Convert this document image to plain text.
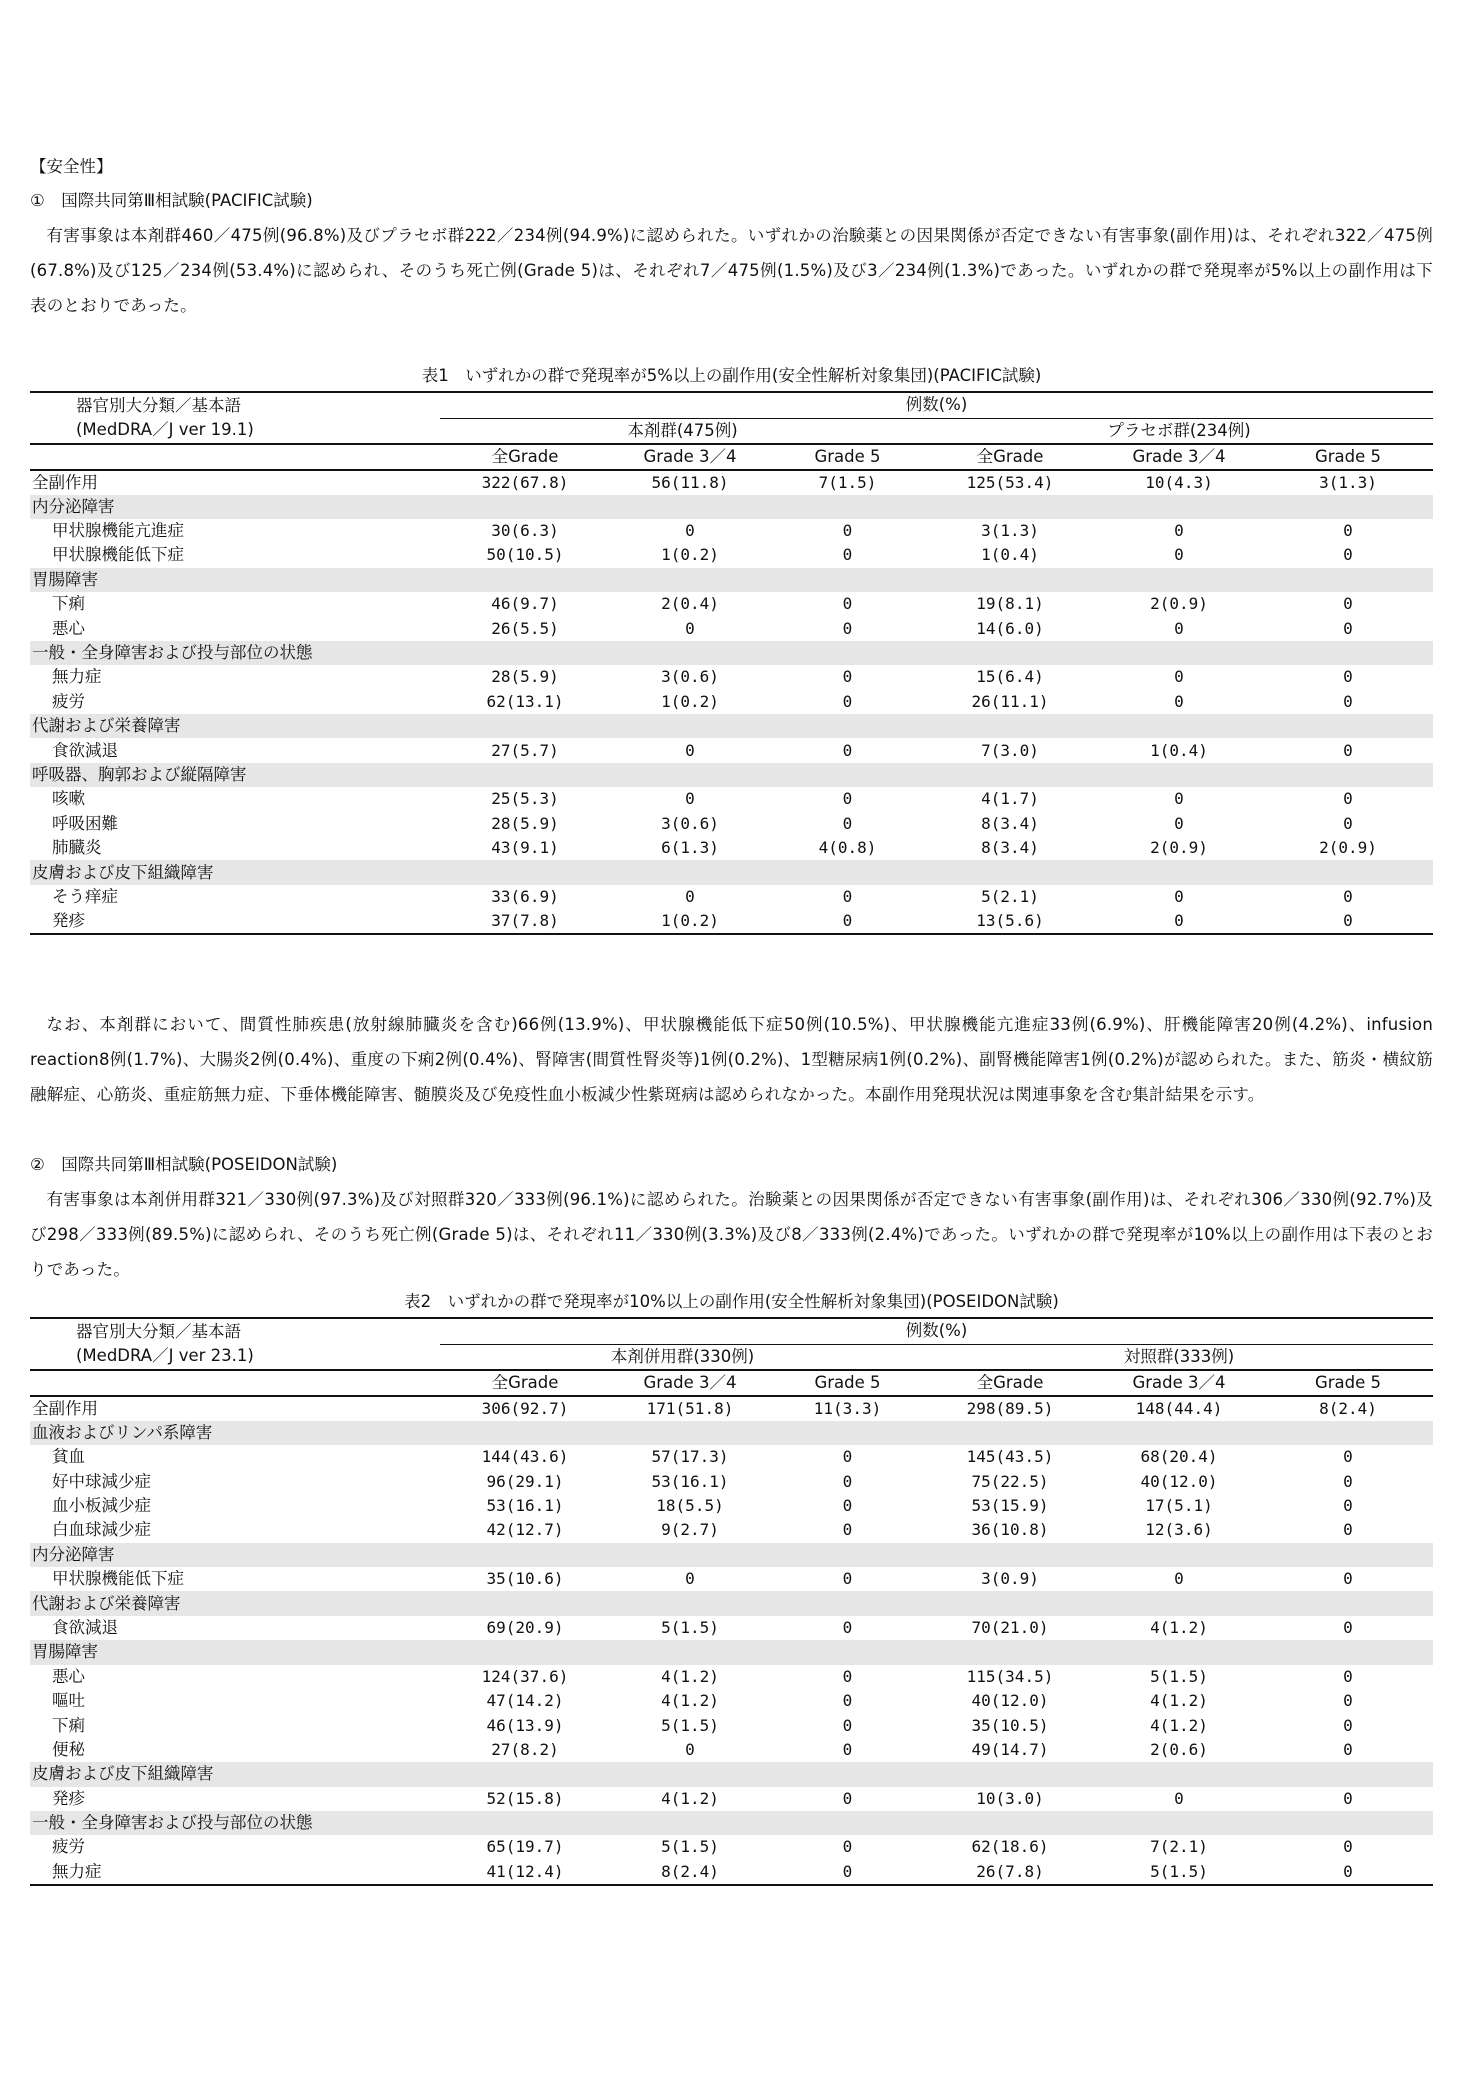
【安全性】
①　国際共同第Ⅲ相試験(PACIFIC試験)
有害事象は本剤群460／475例(96.8%)及びプラセボ群222／234例(94.9%)に認められた。いずれかの治験薬との因果関係が否定できない有害事象(副作用)は、それぞれ322／475例(67.8%)及び125／234例(53.4%)に認められ、そのうち死亡例(Grade 5)は、それぞれ7／475例(1.5%)及び3／234例(1.3%)であった。いずれかの群で発現率が5%以上の副作用は下表のとおりであった。
表1　いずれかの群で発現率が5%以上の副作用(安全性解析対象集団)(PACIFIC試験)
器官別大分類／基本語	例数(%)					
(MedDRA／J ver 19.1)	本剤群(475例)			プラセボ群(234例)		
	全Grade	Grade 3／4	Grade 5	全Grade	Grade 3／4	Grade 5
全副作用	322(67.8)	56(11.8)	7(1.5)	125(53.4)	10(4.3)	3(1.3)
内分泌障害						
甲状腺機能亢進症	30(6.3)	0	0	3(1.3)	0	0
甲状腺機能低下症	50(10.5)	1(0.2)	0	1(0.4)	0	0
胃腸障害						
下痢	46(9.7)	2(0.4)	0	19(8.1)	2(0.9)	0
悪心	26(5.5)	0	0	14(6.0)	0	0
一般・全身障害および投与部位の状態						
無力症	28(5.9)	3(0.6)	0	15(6.4)	0	0
疲労	62(13.1)	1(0.2)	0	26(11.1)	0	0
代謝および栄養障害						
食欲減退	27(5.7)	0	0	7(3.0)	1(0.4)	0
呼吸器、胸郭および縦隔障害						
咳嗽	25(5.3)	0	0	4(1.7)	0	0
呼吸困難	28(5.9)	3(0.6)	0	8(3.4)	0	0
肺臓炎	43(9.1)	6(1.3)	4(0.8)	8(3.4)	2(0.9)	2(0.9)
皮膚および皮下組織障害						
そう痒症	33(6.9)	0	0	5(2.1)	0	0
発疹	37(7.8)	1(0.2)	0	13(5.6)	0	0
なお、本剤群において、間質性肺疾患(放射線肺臓炎を含む)66例(13.9%)、甲状腺機能低下症50例(10.5%)、甲状腺機能亢進症33例(6.9%)、肝機能障害20例(4.2%)、infusion reaction8例(1.7%)、大腸炎2例(0.4%)、重度の下痢2例(0.4%)、腎障害(間質性腎炎等)1例(0.2%)、1型糖尿病1例(0.2%)、副腎機能障害1例(0.2%)が認められた。また、筋炎・横紋筋融解症、心筋炎、重症筋無力症、下垂体機能障害、髄膜炎及び免疫性血小板減少性紫斑病は認められなかった。本副作用発現状況は関連事象を含む集計結果を示す。
②　国際共同第Ⅲ相試験(POSEIDON試験)
有害事象は本剤併用群321／330例(97.3%)及び対照群320／333例(96.1%)に認められた。治験薬との因果関係が否定できない有害事象(副作用)は、それぞれ306／330例(92.7%)及び298／333例(89.5%)に認められ、そのうち死亡例(Grade 5)は、それぞれ11／330例(3.3%)及び8／333例(2.4%)であった。いずれかの群で発現率が10%以上の副作用は下表のとおりであった。
表2　いずれかの群で発現率が10%以上の副作用(安全性解析対象集団)(POSEIDON試験)
器官別大分類／基本語	例数(%)					
(MedDRA／J ver 23.1)	本剤併用群(330例)			対照群(333例)		
	全Grade	Grade 3／4	Grade 5	全Grade	Grade 3／4	Grade 5
全副作用	306(92.7)	171(51.8)	11(3.3)	298(89.5)	148(44.4)	8(2.4)
血液およびリンパ系障害						
貧血	144(43.6)	57(17.3)	0	145(43.5)	68(20.4)	0
好中球減少症	96(29.1)	53(16.1)	0	75(22.5)	40(12.0)	0
血小板減少症	53(16.1)	18(5.5)	0	53(15.9)	17(5.1)	0
白血球減少症	42(12.7)	9(2.7)	0	36(10.8)	12(3.6)	0
内分泌障害						
甲状腺機能低下症	35(10.6)	0	0	3(0.9)	0	0
代謝および栄養障害						
食欲減退	69(20.9)	5(1.5)	0	70(21.0)	4(1.2)	0
胃腸障害						
悪心	124(37.6)	4(1.2)	0	115(34.5)	5(1.5)	0
嘔吐	47(14.2)	4(1.2)	0	40(12.0)	4(1.2)	0
下痢	46(13.9)	5(1.5)	0	35(10.5)	4(1.2)	0
便秘	27(8.2)	0	0	49(14.7)	2(0.6)	0
皮膚および皮下組織障害						
発疹	52(15.8)	4(1.2)	0	10(3.0)	0	0
一般・全身障害および投与部位の状態						
疲労	65(19.7)	5(1.5)	0	62(18.6)	7(2.1)	0
無力症	41(12.4)	8(2.4)	0	26(7.8)	5(1.5)	0
